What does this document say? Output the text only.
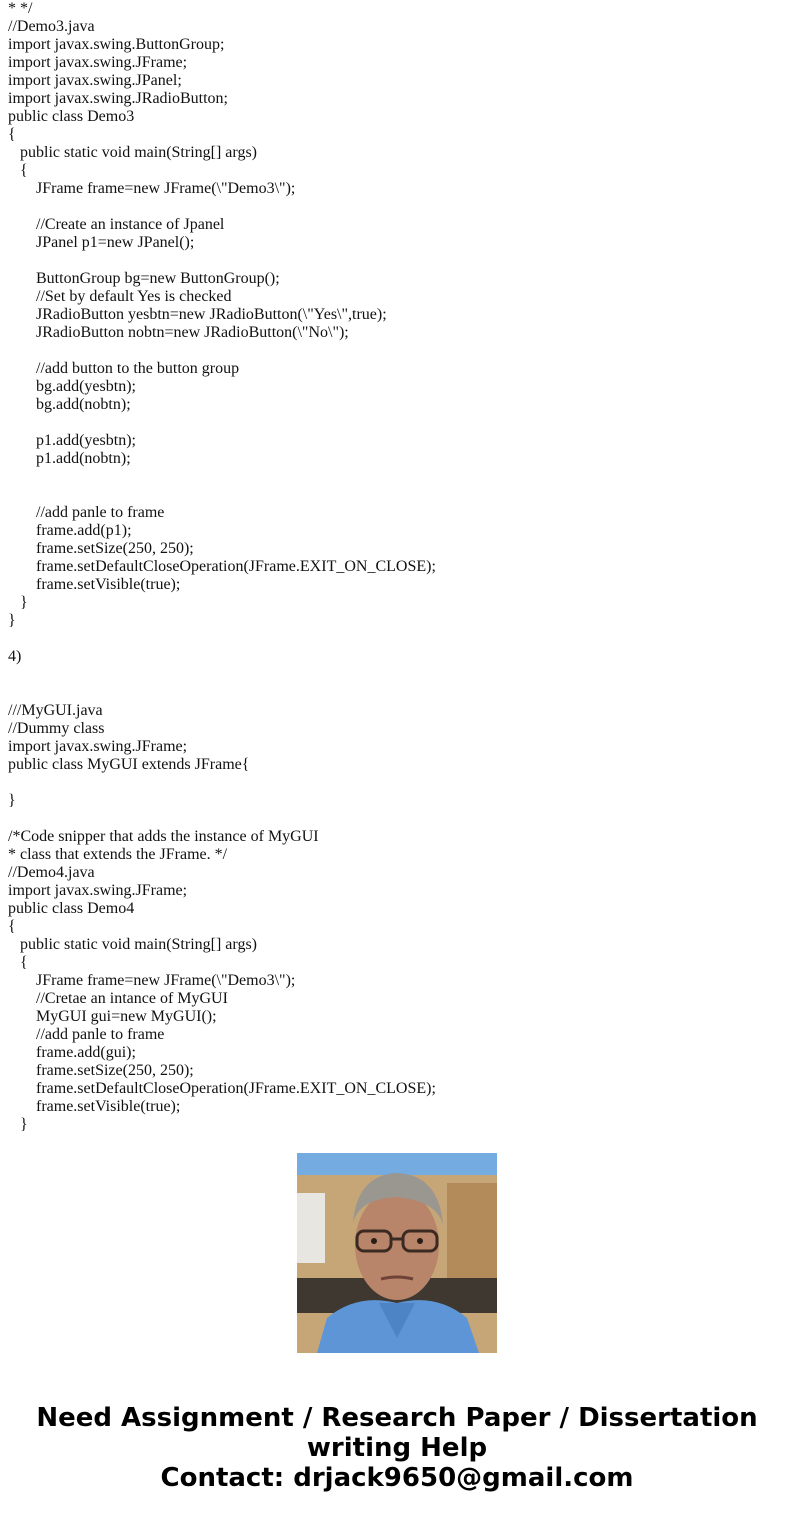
* */
//Demo3.java
import javax.swing.ButtonGroup;
import javax.swing.JFrame;
import javax.swing.JPanel;
import javax.swing.JRadioButton;
public class Demo3
{
public static void main(String[] args)
{
JFrame frame=new JFrame(\"Demo3\");
//Create an instance of Jpanel
JPanel p1=new JPanel();
ButtonGroup bg=new ButtonGroup();
//Set by default Yes is checked
JRadioButton yesbtn=new JRadioButton(\"Yes\",true);
JRadioButton nobtn=new JRadioButton(\"No\");
//add button to the button group
bg.add(yesbtn);
bg.add(nobtn);
p1.add(yesbtn);
p1.add(nobtn);
//add panle to frame
frame.add(p1);
frame.setSize(250, 250);
frame.setDefaultCloseOperation(JFrame.EXIT_ON_CLOSE);
frame.setVisible(true);
}
}
4)
///MyGUI.java
//Dummy class
import javax.swing.JFrame;
public class MyGUI extends JFrame{
}
/*Code snipper that adds the instance of MyGUI
* class that extends the JFrame. */
//Demo4.java
import javax.swing.JFrame;
public class Demo4
{
public static void main(String[] args)
{
JFrame frame=new JFrame(\"Demo3\");
//Cretae an intance of MyGUI
MyGUI gui=new MyGUI();
//add panle to frame
frame.add(gui);
frame.setSize(250, 250);
frame.setDefaultCloseOperation(JFrame.EXIT_ON_CLOSE);
frame.setVisible(true);
}
Need Assignment / Research Paper / Dissertation
writing Help
Contact: drjack9650@gmail.com
